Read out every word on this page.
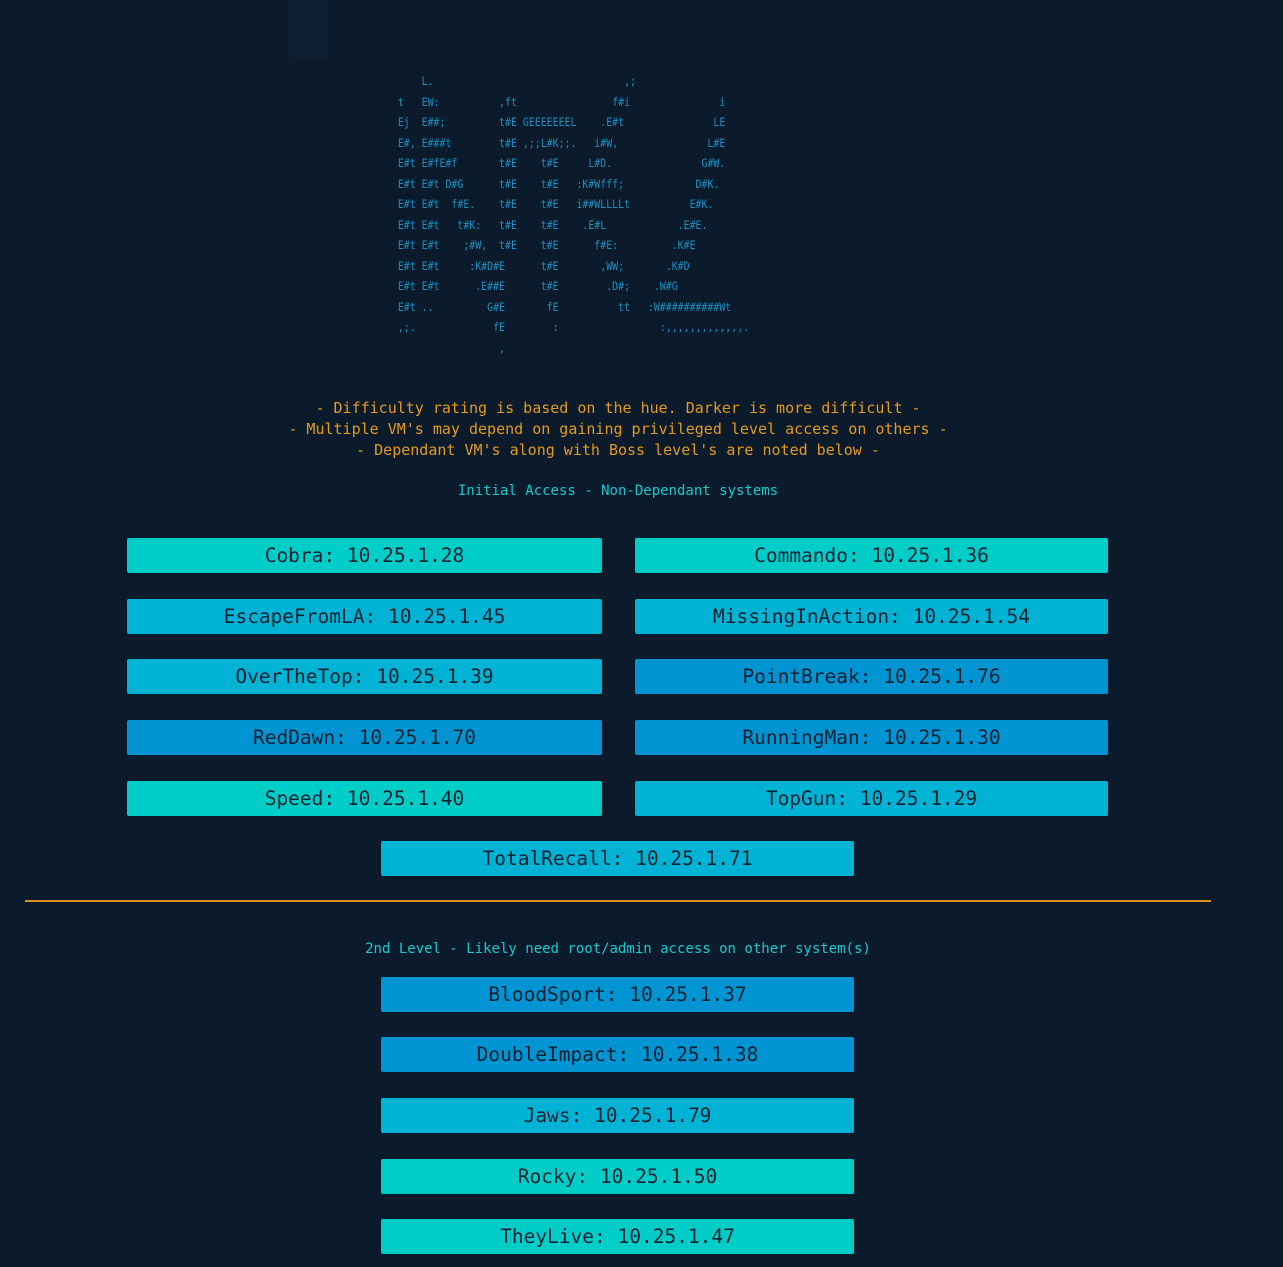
L.                                ,;
t   EW:          ,ft                f#i               i
Ej  E##;         t#E GEEEEEEEL    .E#t               LE
E#, E###t        t#E ,;;L#K;;.   i#W,               L#E
E#t E#fE#f       t#E    t#E     L#D.               G#W.
E#t E#t D#G      t#E    t#E   :K#Wfff;            D#K.
E#t E#t  f#E.    t#E    t#E   i##WLLLLt          E#K.
E#t E#t   t#K:   t#E    t#E    .E#L            .E#E.
E#t E#t    ;#W,  t#E    t#E      f#E:         .K#E
E#t E#t     :K#D#E      t#E       ,WW;       .K#D
E#t E#t      .E##E      t#E        .D#;    .W#G
E#t ..         G#E       fE          tt   :W##########Wt
,;.             fE        :                 :,,,,,,,,,,,,,.
,
- Difficulty rating is based on the hue. Darker is more difficult -
- Multiple VM's may depend on gaining privileged level access on others -
- Dependant VM's along with Boss level's are noted below -
Initial Access - Non-Dependant systems
Cobra: 10.25.1.28	Commando: 10.25.1.36
EscapeFromLA: 10.25.1.45	MissingInAction: 10.25.1.54
OverTheTop: 10.25.1.39	PointBreak: 10.25.1.76
RedDawn: 10.25.1.70	RunningMan: 10.25.1.30
Speed: 10.25.1.40	TopGun: 10.25.1.29
TotalRecall: 10.25.1.71
2nd Level - Likely need root/admin access on other system(s)
BloodSport: 10.25.1.37
DoubleImpact: 10.25.1.38
Jaws: 10.25.1.79
Rocky: 10.25.1.50
TheyLive: 10.25.1.47
